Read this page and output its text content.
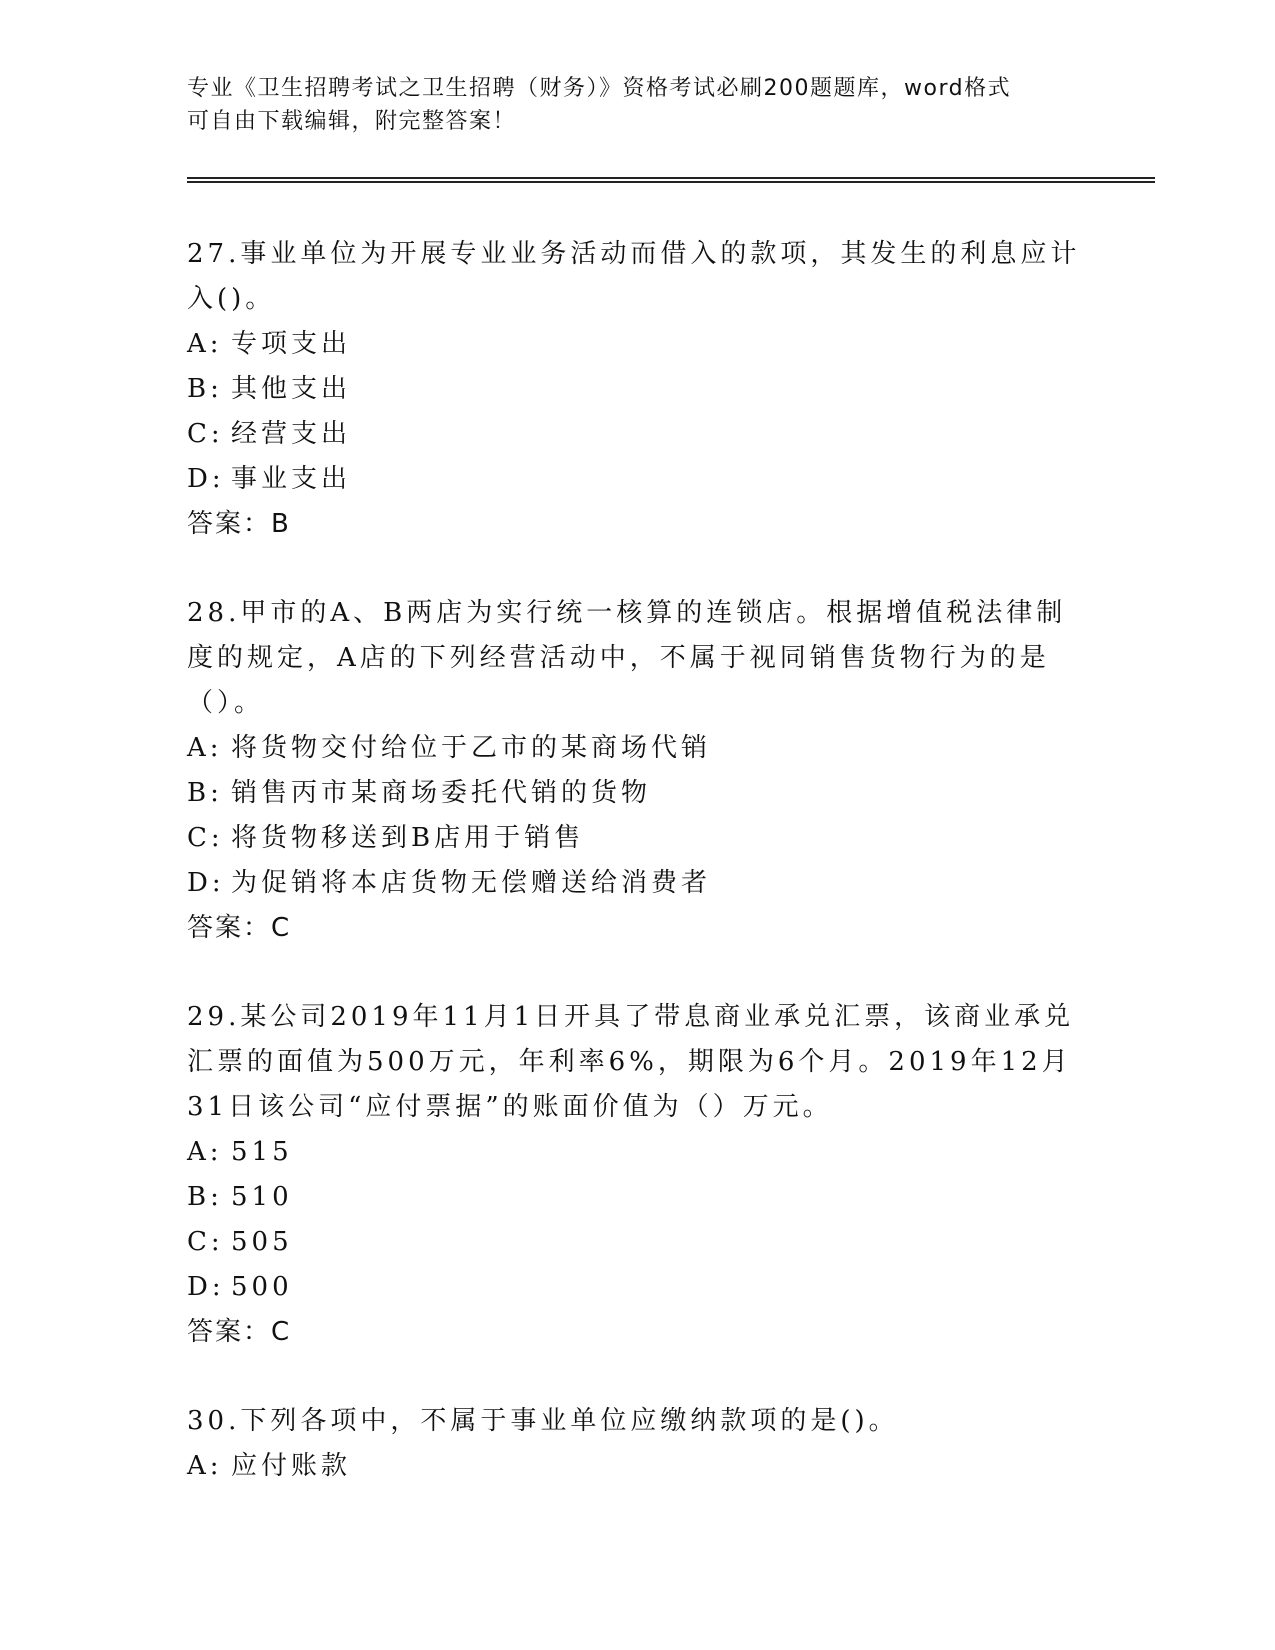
专业《卫生招聘考试之卫生招聘（财务）》资格考试必刷200题题库，word格式
可自由下载编辑，附完整答案！
27.事业单位为开展专业业务活动而借入的款项，其发生的利息应计入()。
A: 专项支出
B: 其他支出
C: 经营支出
D: 事业支出
答案：B
28.甲市的A、B两店为实行统一核算的连锁店。根据增值税法律制度的规定，A店的下列经营活动中，不属于视同销售货物行为的是（）。
A: 将货物交付给位于乙市的某商场代销
B: 销售丙市某商场委托代销的货物
C: 将货物移送到B店用于销售
D: 为促销将本店货物无偿赠送给消费者
答案：C
29.某公司2019年11月1日开具了带息商业承兑汇票，该商业承兑汇票的面值为500万元，年利率6%，期限为6个月。2019年12月31日该公司“应付票据”的账面价值为（）万元。
A: 515
B: 510
C: 505
D: 500
答案：C
30.下列各项中，不属于事业单位应缴纳款项的是()。
A: 应付账款
